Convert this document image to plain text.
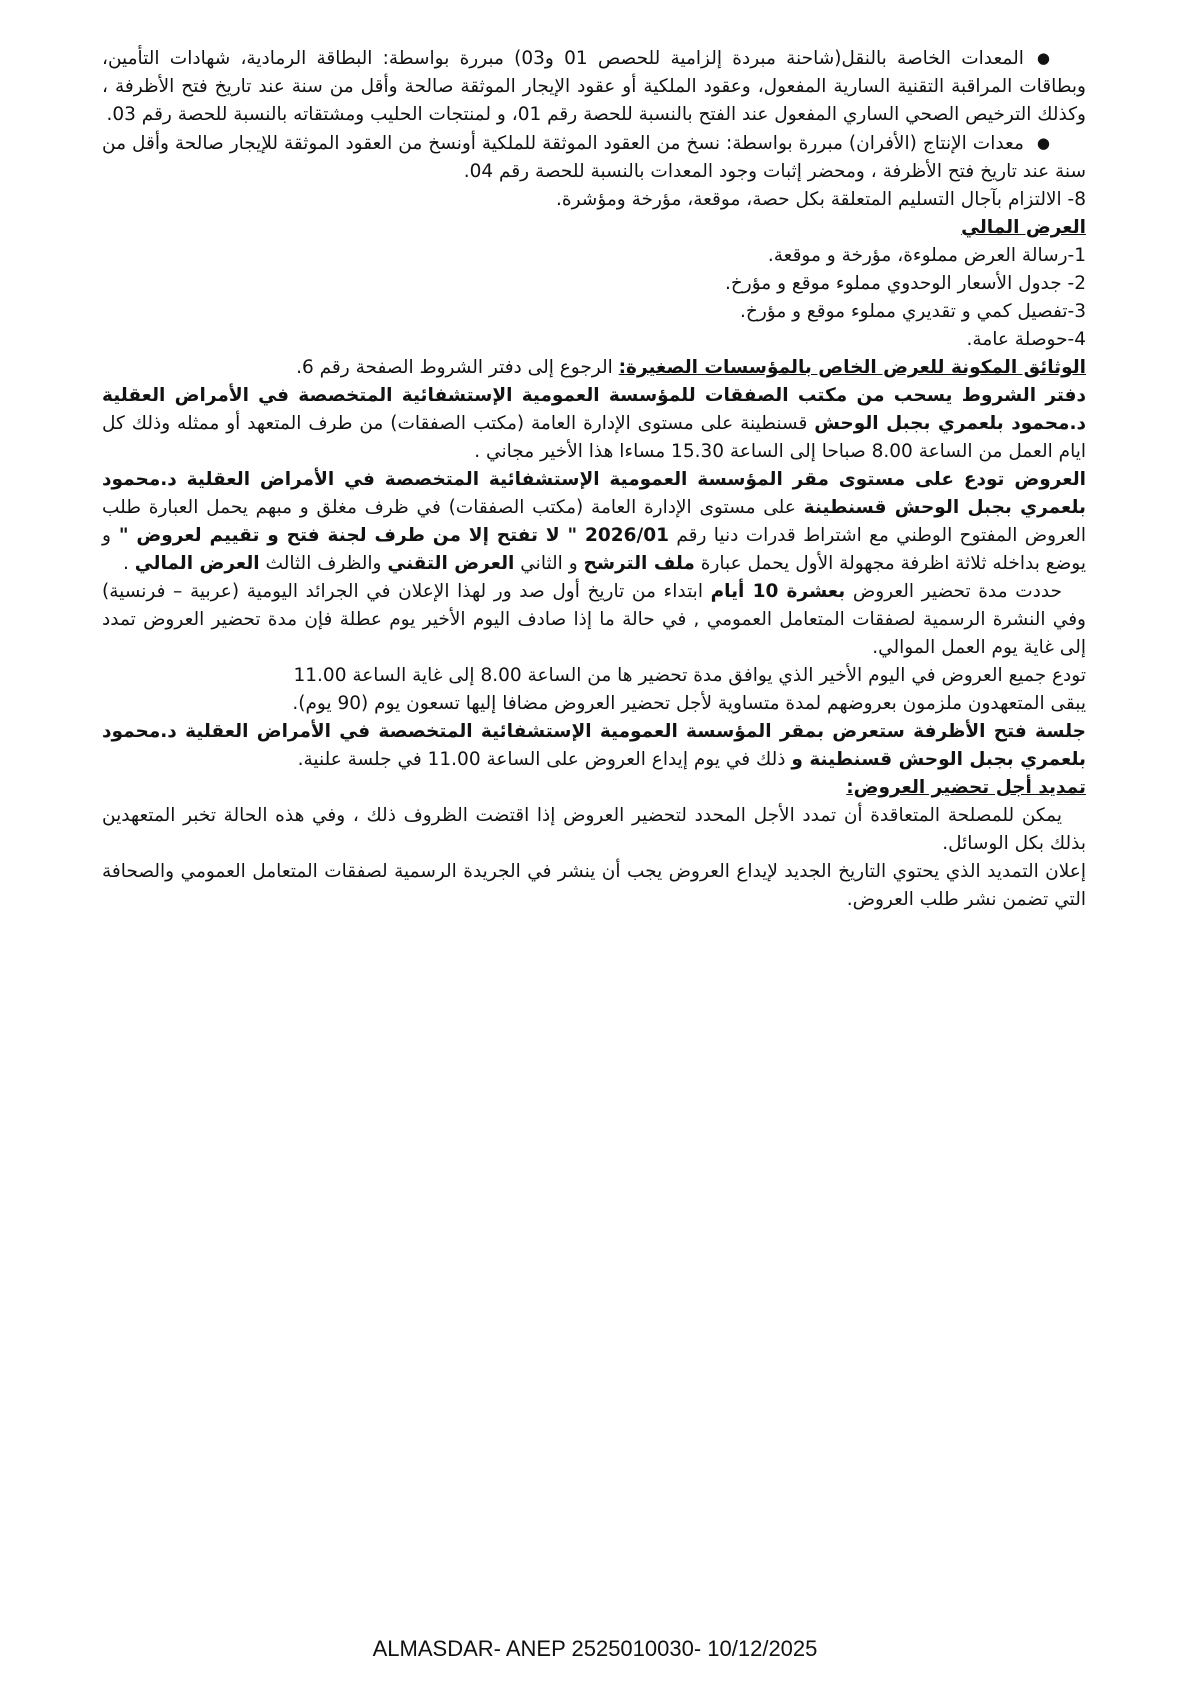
●المعدات الخاصة بالنقل(شاحنة مبردة إلزامية للحصص 01 و03) مبررة بواسطة: البطاقة الرمادية، شهادات التأمين، وبطاقات المراقبة التقنية السارية المفعول، وعقود الملكية أو عقود الإيجار الموثقة صالحة وأقل من سنة عند تاريخ فتح الأظرفة ، وكذلك الترخيص الصحي الساري المفعول عند الفتح بالنسبة للحصة رقم 01، و لمنتجات الحليب ومشتقاته بالنسبة للحصة رقم 03.
●معدات الإنتاج (الأفران) مبررة بواسطة: نسخ من العقود الموثقة للملكية أونسخ من العقود الموثقة للإيجار صالحة وأقل من سنة عند تاريخ فتح الأظرفة ، ومحضر إثبات وجود المعدات بالنسبة للحصة رقم 04.
8- الالتزام بآجال التسليم المتعلقة بكل حصة، موقعة، مؤرخة ومؤشرة.
العرض المالي
1-رسالة العرض مملوءة، مؤرخة و موقعة.
2- جدول الأسعار الوحدوي مملوء موقع و مؤرخ.
3-تفصيل كمي و تقديري مملوء موقع و مؤرخ.
4-حوصلة عامة.
الوثائق المكونة للعرض الخاص بالمؤسسات الصغيرة: الرجوع إلى دفتر الشروط الصفحة رقم 6.
دفتر الشروط يسحب من مكتب الصفقات للمؤسسة العمومية الإستشفائية المتخصصة في الأمراض العقلية د.محمود بلعمري بجبل الوحش قسنطينة على مستوى الإدارة العامة (مكتب الصفقات) من طرف المتعهد أو ممثله وذلك كل ايام العمل من الساعة 8.00 صباحا إلى الساعة 15.30 مساءا هذا الأخير مجاني .
العروض تودع على مستوى مقر المؤسسة العمومية الإستشفائية المتخصصة في الأمراض العقلية د.محمود بلعمري بجبل الوحش قسنطينة على مستوى الإدارة العامة (مكتب الصفقات) في ظرف مغلق و مبهم يحمل العبارة طلب العروض المفتوح الوطني مع اشتراط قدرات دنيا رقم 2026/01 " لا تفتح إلا من طرف لجنة فتح و تقييم لعروض " و يوضع بداخله ثلاثة اظرفة مجهولة الأول يحمل عبارة ملف الترشح و الثاني العرض التقني والظرف الثالث العرض المالي .
حددت مدة تحضير العروض بعشرة 10 أيام ابتداء من تاريخ أول صد ور لهذا الإعلان في الجرائد اليومية (عربية – فرنسية) وفي النشرة الرسمية لصفقات المتعامل العمومي , في حالة ما إذا صادف اليوم الأخير يوم عطلة فإن مدة تحضير العروض تمدد إلى غاية يوم العمل الموالي.
تودع جميع العروض في اليوم الأخير الذي يوافق مدة تحضير ها من الساعة 8.00 إلى غاية الساعة 11.00
يبقى المتعهدون ملزمون بعروضهم لمدة متساوية لأجل تحضير العروض مضافا إليها تسعون يوم (90 يوم).
جلسة فتح الأظرفة ستعرض بمقر المؤسسة العمومية الإستشفائية المتخصصة في الأمراض العقلية د.محمود بلعمري بجبل الوحش قسنطينة و ذلك في يوم إيداع العروض على الساعة 11.00 في جلسة علنية.
تمديد أجل تحضير العروض:
يمكن للمصلحة المتعاقدة أن تمدد الأجل المحدد لتحضير العروض إذا اقتضت الظروف ذلك ، وفي هذه الحالة تخبر المتعهدين بذلك بكل الوسائل.
إعلان التمديد الذي يحتوي التاريخ الجديد لإيداع العروض يجب أن ينشر في الجريدة الرسمية لصفقات المتعامل العمومي والصحافة التي تضمن نشر طلب العروض.
ALMASDAR- ANEP 2525010030- 10/12/2025
